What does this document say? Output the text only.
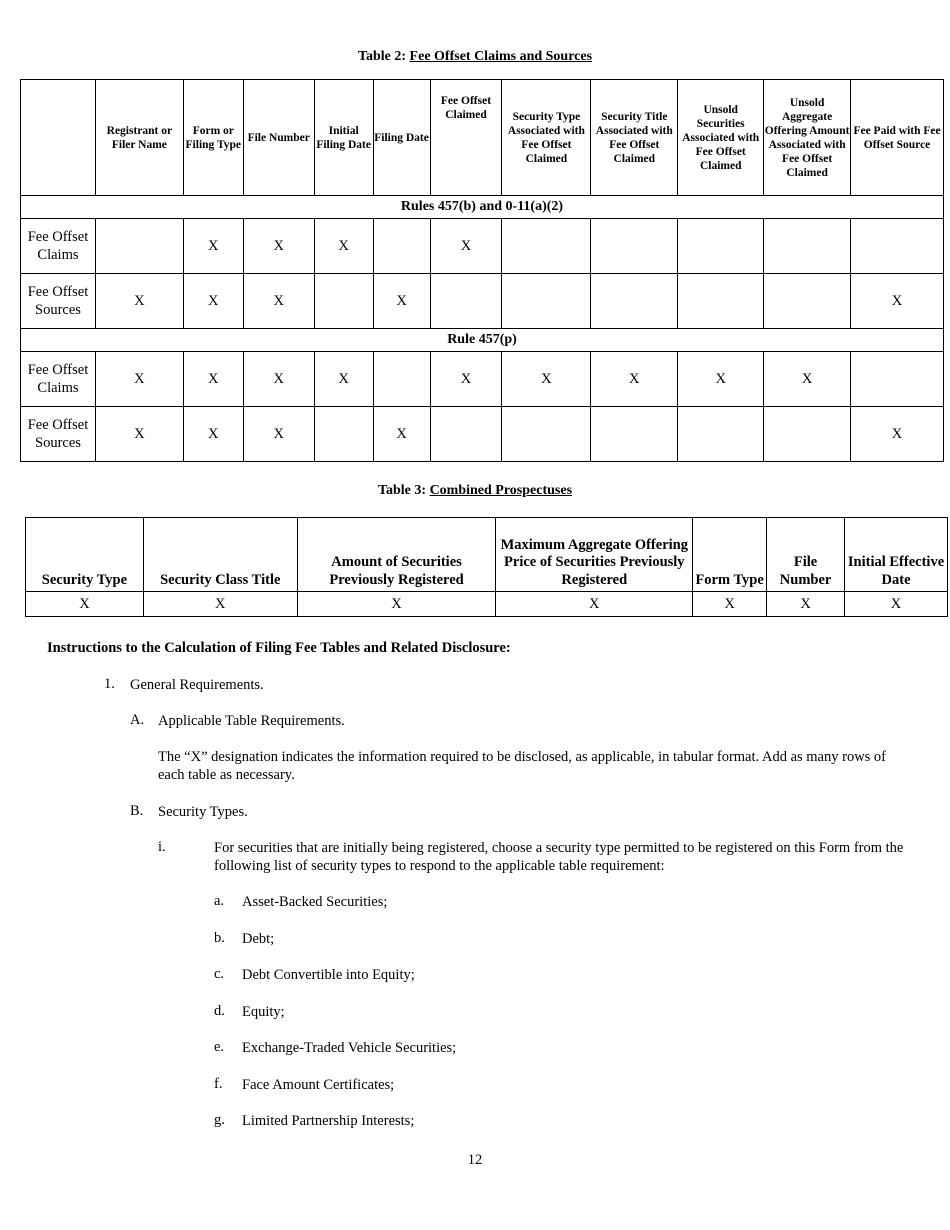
Table 2: Fee Offset Claims and Sources
	Registrant or Filer Name	Form or Filing Type	File Number	Initial Filing Date	Filing Date	Fee Offset Claimed	Security Type Associated with Fee Offset Claimed	Security Title Associated with Fee Offset Claimed	Unsold Securities Associated with Fee Offset Claimed	Unsold Aggregate Offering Amount Associated with Fee Offset Claimed	Fee Paid with Fee Offset Source
Rules 457(b) and 0-11(a)(2)											
Fee Offset Claims		X	X	X		X					
Fee Offset Sources	X	X	X		X						X
Rule 457(p)											
Fee Offset Claims	X	X	X	X		X	X	X	X	X	
Fee Offset Sources	X	X	X		X						X
Table 3: Combined Prospectuses
Security Type	Security Class Title	Amount of Securities Previously Registered	Maximum Aggregate Offering Price of Securities Previously Registered	Form Type	File Number	Initial Effective Date
X	X	X	X	X	X	X
Instructions to the Calculation of Filing Fee Tables and Related Disclosure:
1. General Requirements.
A. Applicable Table Requirements.
The “X” designation indicates the information required to be disclosed, as applicable, in tabular format. Add as many rows of each table as necessary.
B. Security Types.
i.	For securities that are initially being registered, choose a security type permitted to be registered on this Form from the following list of security types to respond to the applicable table requirement:
a. Asset-Backed Securities;
b. Debt;
c. Debt Convertible into Equity;
d. Equity;
e. Exchange-Traded Vehicle Securities;
f. Face Amount Certificates;
g. Limited Partnership Interests;
12
